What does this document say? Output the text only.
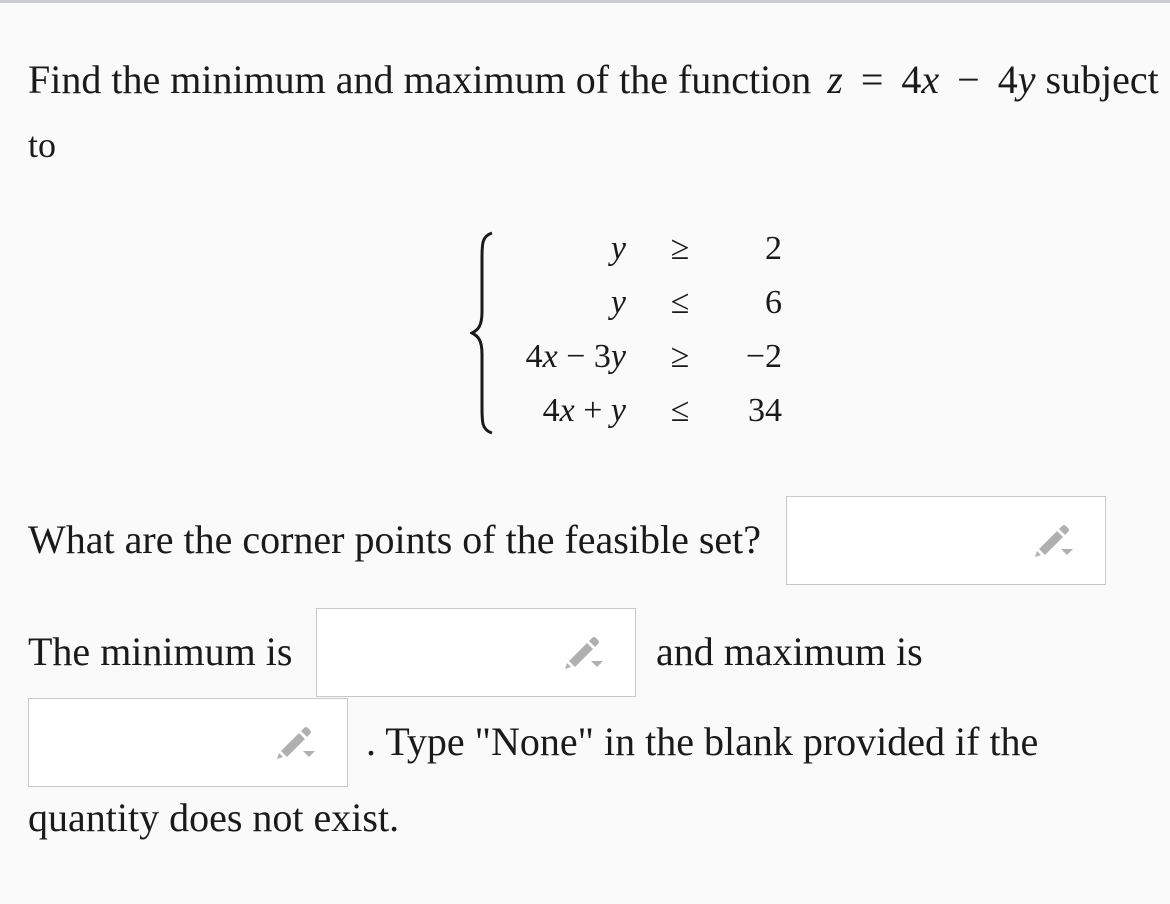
Find the minimum and maximum of the function z = 4x − 4y subject
to
y	≥	2
y	≤	6
4x − 3y	≥	−2
4x + y	≤	34
What are the corner points of the feasible set?
The minimum is	and maximum is
. Type "None" in the blank provided if the
quantity does not exist.
